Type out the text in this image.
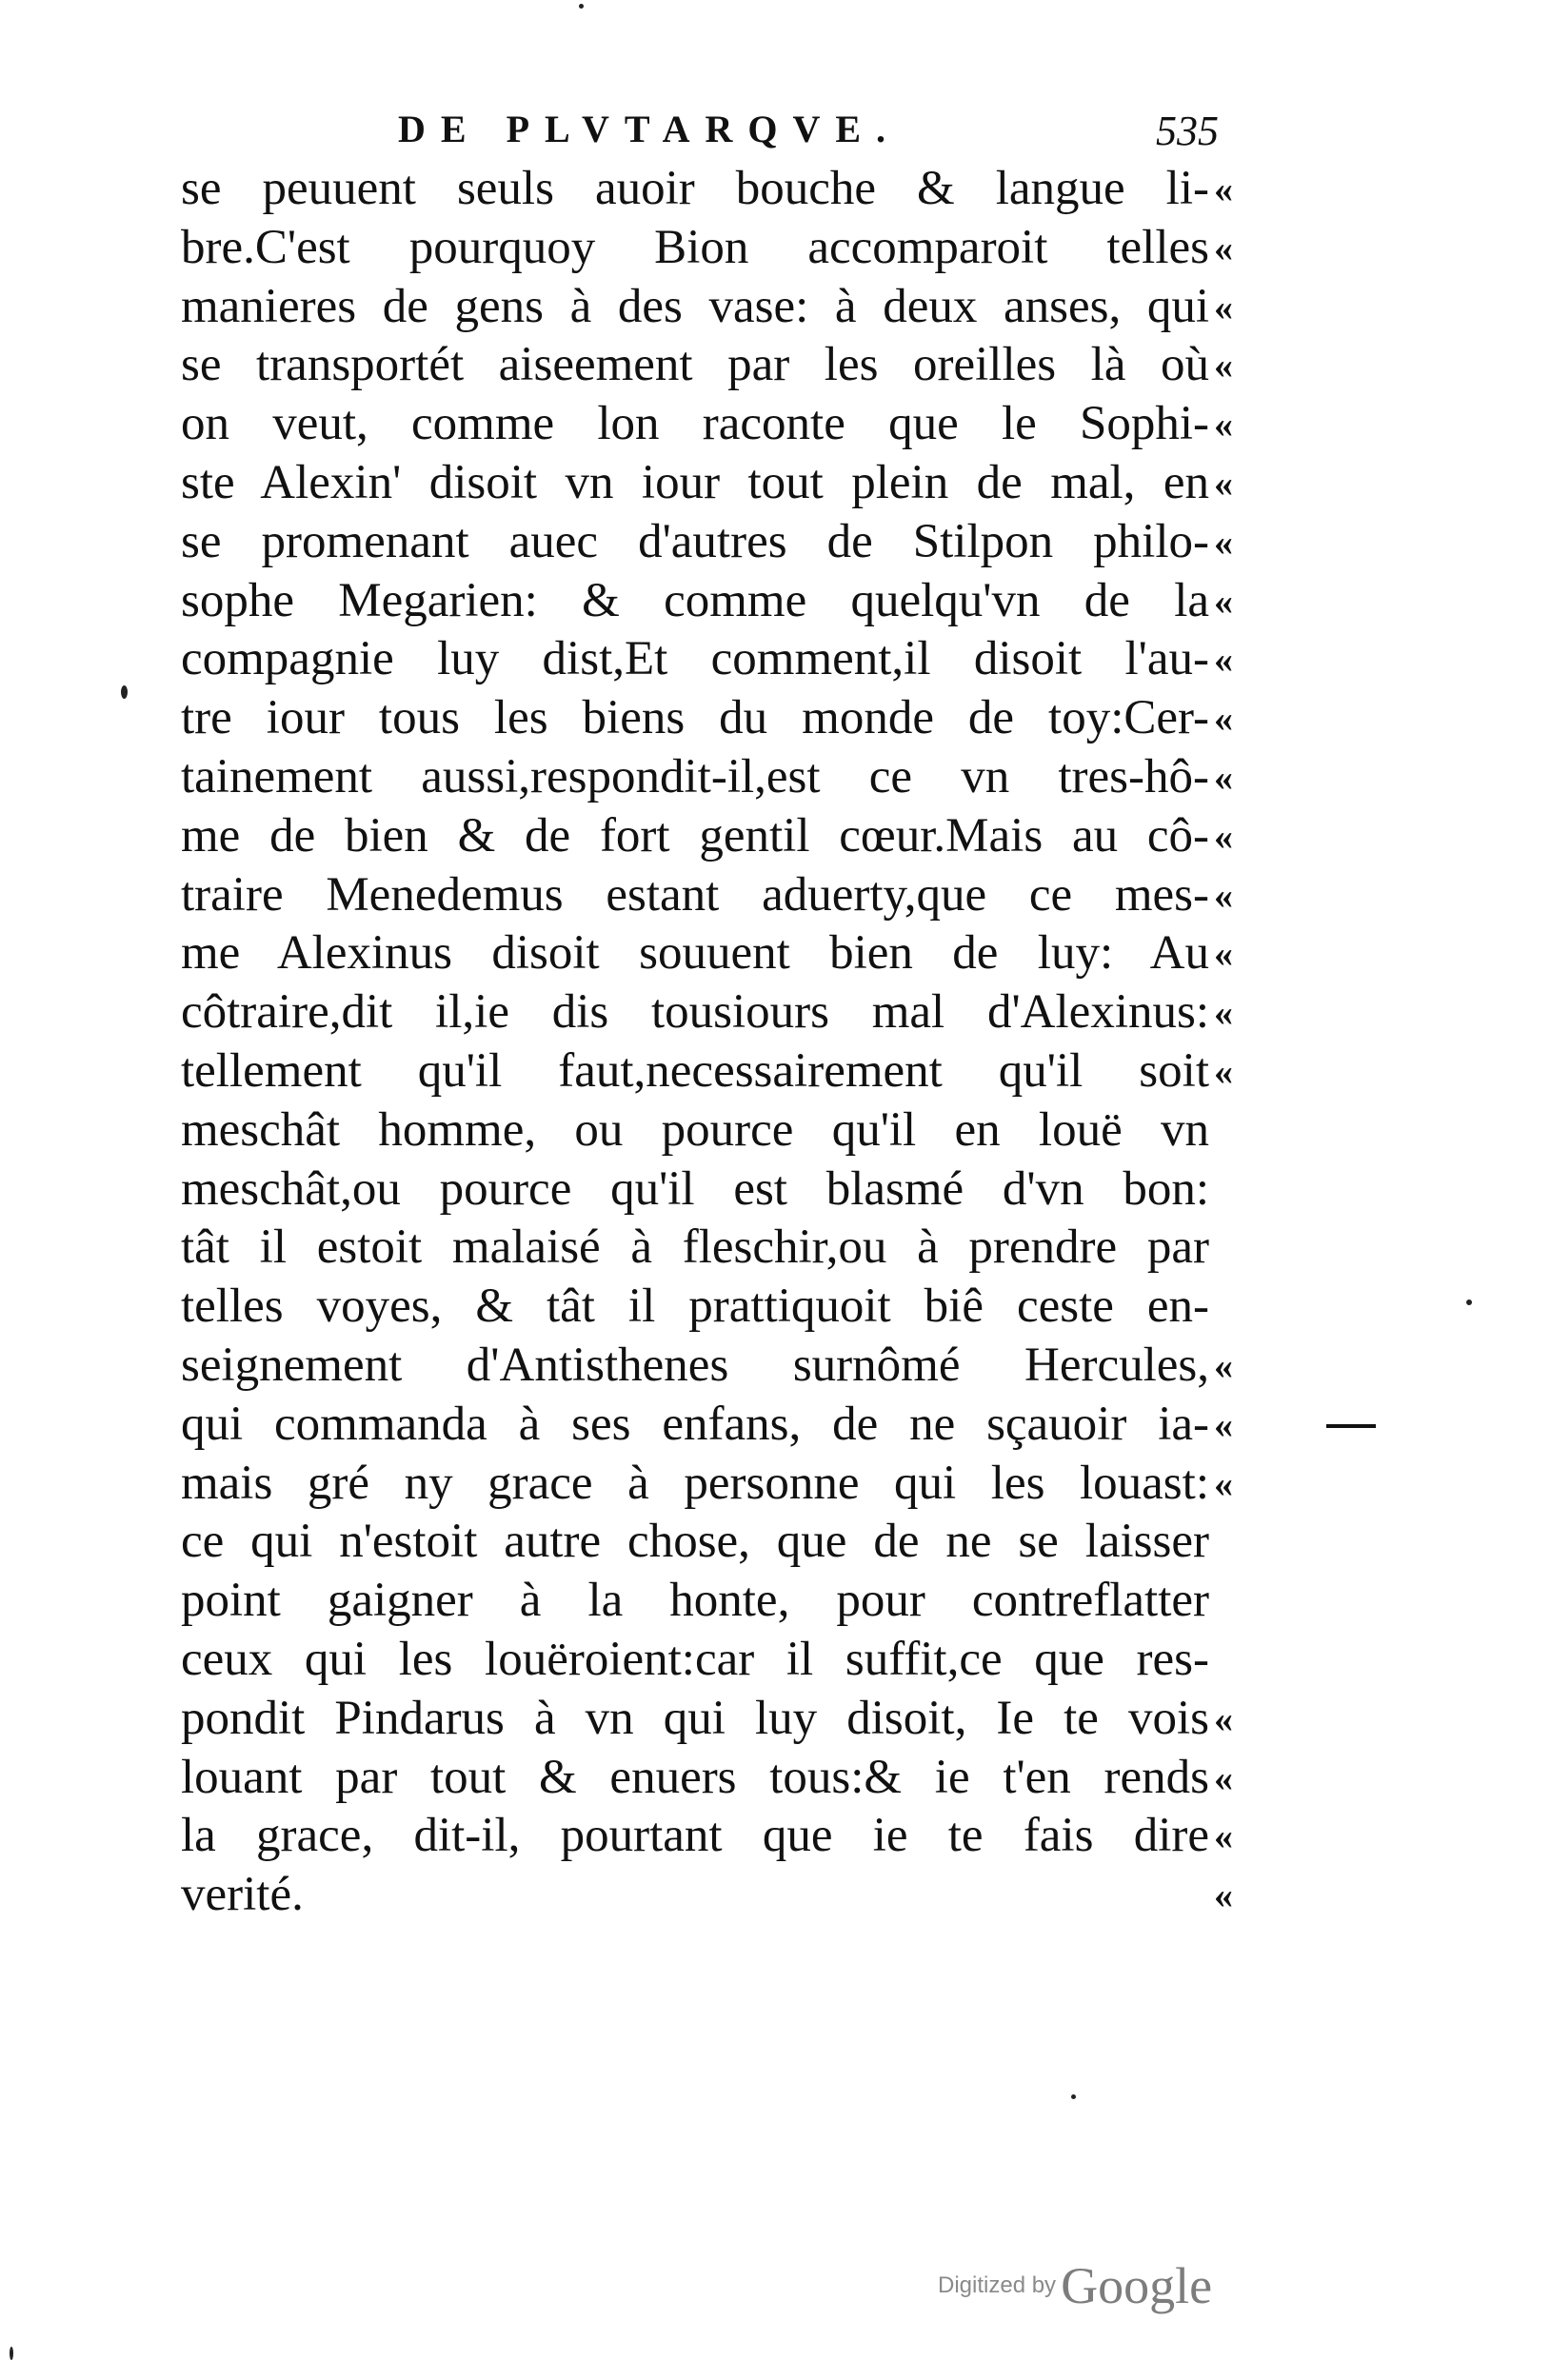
DE PLVTARQVE.	535
se peuuent seuls auoir bouche & langue li-
bre.C'est pourquoy Bion accomparoit telles
manieres de gens à des vase: à deux anses, qui
se transportét aiseement par les oreilles là où
on veut, comme lon raconte que le Sophi-
ste Alexin' disoit vn iour tout plein de mal, en
se promenant auec d'autres de Stilpon philo-
sophe Megarien: & comme quelqu'vn de la
compagnie luy dist,Et comment,il disoit l'au-
tre iour tous les biens du monde de toy:Cer-
tainement aussi,respondit-il,est ce vn tres-hô-
me de bien & de fort gentil cœur.Mais au cô-
traire Menedemus estant aduerty,que ce mes-
me Alexinus disoit souuent bien de luy: Au
côtraire,dit il,ie dis tousiours mal d'Alexinus:
tellement qu'il faut,necessairement qu'il soit
meschât homme, ou pource qu'il en louë vn
meschât,ou pource qu'il est blasmé d'vn bon:
tât il estoit malaisé à fleschir,ou à prendre par
telles voyes, & tât il prattiquoit biê ceste en-
seignement d'Antisthenes surnômé Hercules,
qui commanda à ses enfans, de ne sçauoir ia-
mais gré ny grace à personne qui les louast:
ce qui n'estoit autre chose, que de ne se laisser
point gaigner à la honte, pour contreflatter
ceux qui les louëroient:car il suffit,ce que res-
pondit Pindarus à vn qui luy disoit, Ie te vois
louant par tout & enuers tous:& ie t'en rends
la grace, dit-il, pourtant que ie te fais dire
verité.
«
«
«
«
«
«
«
«
«
«
«
«
«
«
«
«
«
«
«
«
«
«
«
Digitized by Google
